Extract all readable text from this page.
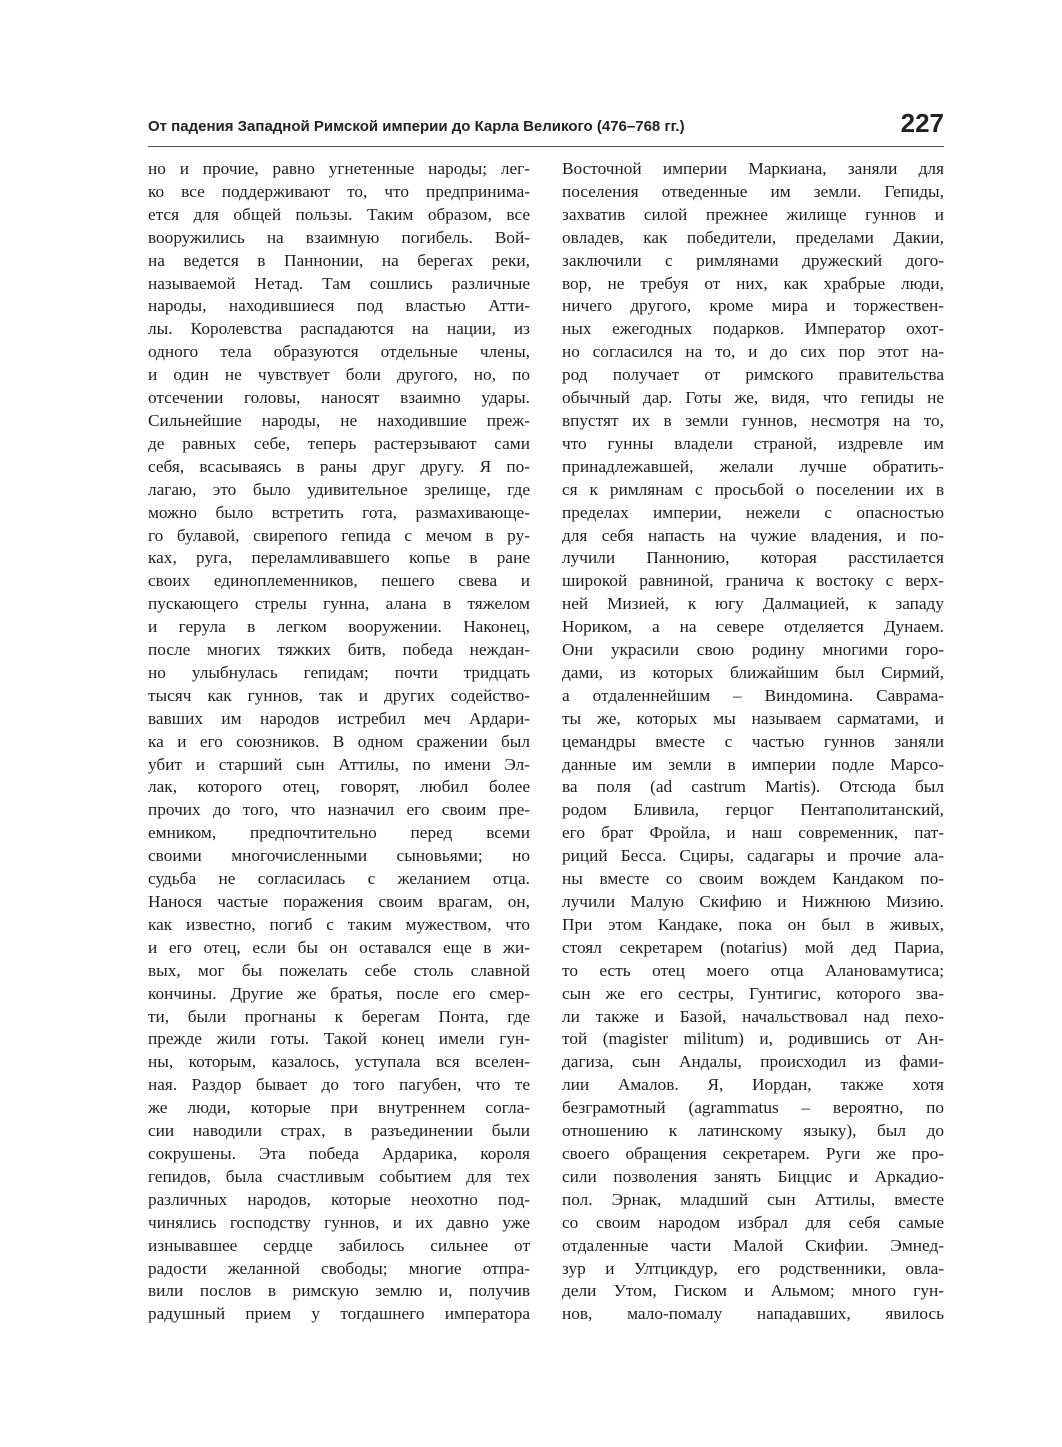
От падения Западной Римской империи до Карла Великого (476–768 гг.)	227
но и прочие, равно угнетенные народы; лег-
ко все поддерживают то, что предпринима-
ется для общей пользы. Таким образом, все
вооружились на взаимную погибель. Вой-
на ведется в Паннонии, на берегах реки,
называемой Нетад. Там сошлись различные
народы, находившиеся под властью Атти-
лы. Королевства распадаются на нации, из
одного тела образуются отдельные члены,
и один не чувствует боли другого, но, по
отсечении головы, наносят взаимно удары.
Сильнейшие народы, не находившие преж-
де равных себе, теперь растерзывают сами
себя, всасываясь в раны друг другу. Я по-
лагаю, это было удивительное зрелище, где
можно было встретить гота, размахивающе-
го булавой, свирепого гепида с мечом в ру-
ках, руга, переламливавшего копье в ране
своих единоплеменников, пешего свева и
пускающего стрелы гунна, алана в тяжелом
и герула в легком вооружении. Наконец,
после многих тяжких битв, победа неждан-
но улыбнулась гепидам; почти тридцать
тысяч как гуннов, так и других содейство-
вавших им народов истребил меч Ардари-
ка и его союзников. В одном сражении был
убит и старший сын Аттилы, по имени Эл-
лак, которого отец, говорят, любил более
прочих до того, что назначил его своим пре-
емником, предпочтительно перед всеми
своими многочисленными сыновьями; но
судьба не согласилась с желанием отца.
Нанося частые поражения своим врагам, он,
как известно, погиб с таким мужеством, что
и его отец, если бы он оставался еще в жи-
вых, мог бы пожелать себе столь славной
кончины. Другие же братья, после его смер-
ти, были прогнаны к берегам Понта, где
прежде жили готы. Такой конец имели гун-
ны, которым, казалось, уступала вся вселен-
ная. Раздор бывает до того пагубен, что те
же люди, которые при внутреннем согла-
сии наводили страх, в разъединении были
сокрушены. Эта победа Ардарика, короля
гепидов, была счастливым событием для тех
различных народов, которые неохотно под-
чинялись господству гуннов, и их давно уже
изнывавшее сердце забилось сильнее от
радости желанной свободы; многие отпра-
вили послов в римскую землю и, получив
радушный прием у тогдашнего императора
Восточной империи Маркиана, заняли для
поселения отведенные им земли. Гепиды,
захватив силой прежнее жилище гуннов и
овладев, как победители, пределами Дакии,
заключили с римлянами дружеский дого-
вор, не требуя от них, как храбрые люди,
ничего другого, кроме мира и торжествен-
ных ежегодных подарков. Император охот-
но согласился на то, и до сих пор этот на-
род получает от римского правительства
обычный дар. Готы же, видя, что гепиды не
впустят их в земли гуннов, несмотря на то,
что гунны владели страной, издревле им
принадлежавшей, желали лучше обратить-
ся к римлянам с просьбой о поселении их в
пределах империи, нежели с опасностью
для себя напасть на чужие владения, и по-
лучили Паннонию, которая расстилается
широкой равниной, гранича к востоку с верх-
ней Мизией, к югу Далмацией, к западу
Нориком, а на севере отделяется Дунаем.
Они украсили свою родину многими горо-
дами, из которых ближайшим был Сирмий,
а отдаленнейшим – Виндомина. Саврама-
ты же, которых мы называем сарматами, и
цемандры вместе с частью гуннов заняли
данные им земли в империи подле Марсо-
ва поля (ad castrum Martis). Отсюда был
родом Бливила, герцог Пентаполитанский,
его брат Фройла, и наш современник, пат-
риций Бесса. Сциры, садагары и прочие ала-
ны вместе со своим вождем Кандаком по-
лучили Малую Скифию и Нижнюю Мизию.
При этом Кандаке, пока он был в живых,
стоял секретарем (notarius) мой дед Париа,
то есть отец моего отца Алановамутиса;
сын же его сестры, Гунтигис, которого зва-
ли также и Базой, начальствовал над пехо-
той (magister militum) и, родившись от Ан-
дагиза, сын Андалы, происходил из фами-
лии Амалов. Я, Иордан, также хотя
безграмотный (agrammatus – вероятно, по
отношению к латинскому языку), был до
своего обращения секретарем. Руги же про-
сили позволения занять Биццис и Аркадио-
пол. Эрнак, младший сын Аттилы, вместе
со своим народом избрал для себя самые
отдаленные части Малой Скифии. Эмнед-
зур и Ултцикдур, его родственники, овла-
дели Утом, Гиском и Альмом; много гун-
нов, мало-помалу нападавших, явилось
